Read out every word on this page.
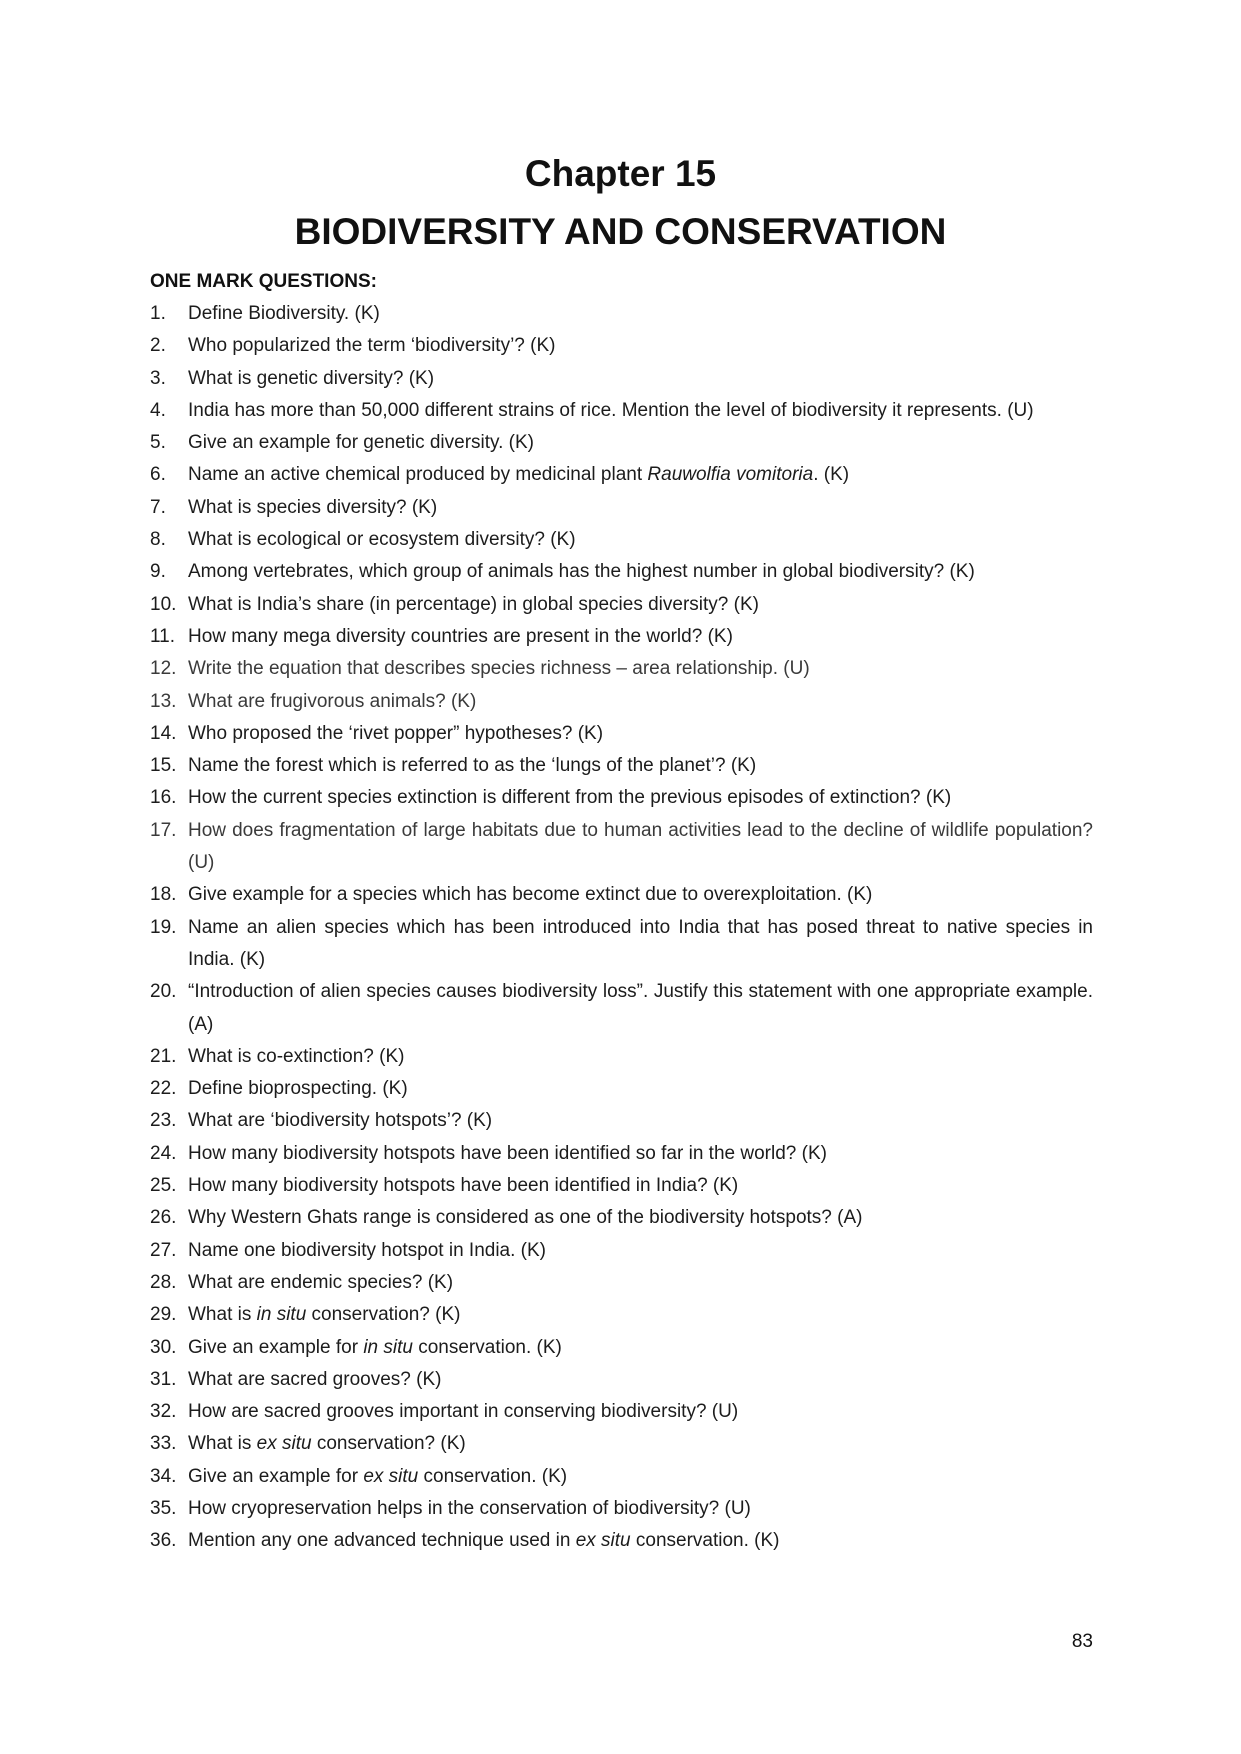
Chapter 15
BIODIVERSITY AND CONSERVATION
ONE MARK QUESTIONS:
1. Define Biodiversity. (K)
2. Who popularized the term ‘biodiversity’? (K)
3. What is genetic diversity? (K)
4. India has more than 50,000 different strains of rice. Mention the level of biodiversity it represents. (U)
5. Give an example for genetic diversity. (K)
6. Name an active chemical produced by medicinal plant Rauwolfia vomitoria. (K)
7. What is species diversity? (K)
8. What is ecological or ecosystem diversity? (K)
9. Among vertebrates, which group of animals has the highest number in global biodiversity? (K)
10. What is India’s share (in percentage) in global species diversity? (K)
11. How many mega diversity countries are present in the world? (K)
12. Write the equation that describes species richness – area relationship. (U)
13. What are frugivorous animals? (K)
14. Who proposed the ‘rivet popper” hypotheses? (K)
15. Name the forest which is referred to as the ‘lungs of the planet’? (K)
16. How the current species extinction is different from the previous episodes of extinction? (K)
17. How does fragmentation of large habitats due to human activities lead to the decline of wildlife population? (U)
18. Give example for a species which has become extinct due to overexploitation. (K)
19. Name an alien species which has been introduced into India that has posed threat to native species in India. (K)
20. “Introduction of alien species causes biodiversity loss”. Justify this statement with one appropriate example. (A)
21. What is co-extinction? (K)
22. Define bioprospecting. (K)
23. What are ‘biodiversity hotspots’? (K)
24. How many biodiversity hotspots have been identified so far in the world? (K)
25. How many biodiversity hotspots have been identified in India? (K)
26. Why Western Ghats range is considered as one of the biodiversity hotspots? (A)
27. Name one biodiversity hotspot in India. (K)
28. What are endemic species? (K)
29. What is in situ conservation? (K)
30. Give an example for in situ conservation. (K)
31. What are sacred grooves? (K)
32. How are sacred grooves important in conserving biodiversity? (U)
33. What is ex situ conservation? (K)
34. Give an example for ex situ conservation. (K)
35. How cryopreservation helps in the conservation of biodiversity? (U)
36. Mention any one advanced technique used in ex situ conservation. (K)
83
